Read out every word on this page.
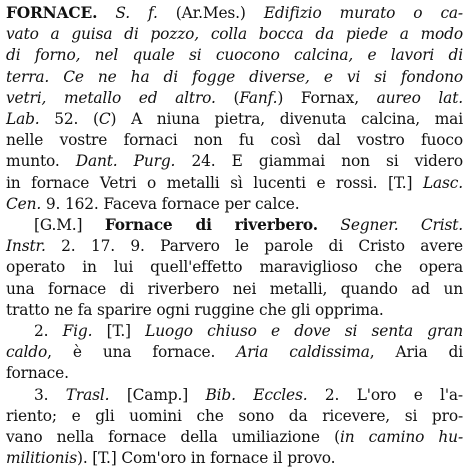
FORNACE. S. f. (Ar.Mes.) Edifizio murato o ca-
vato a guisa di pozzo, colla bocca da piede a modo
di forno, nel quale si cuocono calcina, e lavori di
terra. Ce ne ha di fogge diverse, e vi si fondono
vetri, metallo ed altro. (Fanf.) Fornax, aureo lat.
Lab. 52. (C) A niuna pietra, divenuta calcina, mai
nelle vostre fornaci non fu così dal vostro fuoco
munto. Dant. Purg. 24. E giammai non si videro
in fornace Vetri o metalli sì lucenti e rossi. [T.] Lasc.
Cen. 9. 162. Faceva fornace per calce.
[G.M.] Fornace di riverbero. Segner. Crist.
Instr. 2. 17. 9. Parvero le parole di Cristo avere
operato in lui quell'effetto maraviglioso che opera
una fornace di riverbero nei metalli, quando ad un
tratto ne fa sparire ogni ruggine che gli opprima.
2. Fig. [T.] Luogo chiuso e dove si senta gran
caldo, è una fornace. Aria caldissima, Aria di
fornace.
3. Trasl. [Camp.] Bib. Eccles. 2. L'oro e l'a-
riento; e gli uomini che sono da ricevere, si pro-
vano nella fornace della umiliazione (in camino hu-
militionis). [T.] Com'oro in fornace il provo.
